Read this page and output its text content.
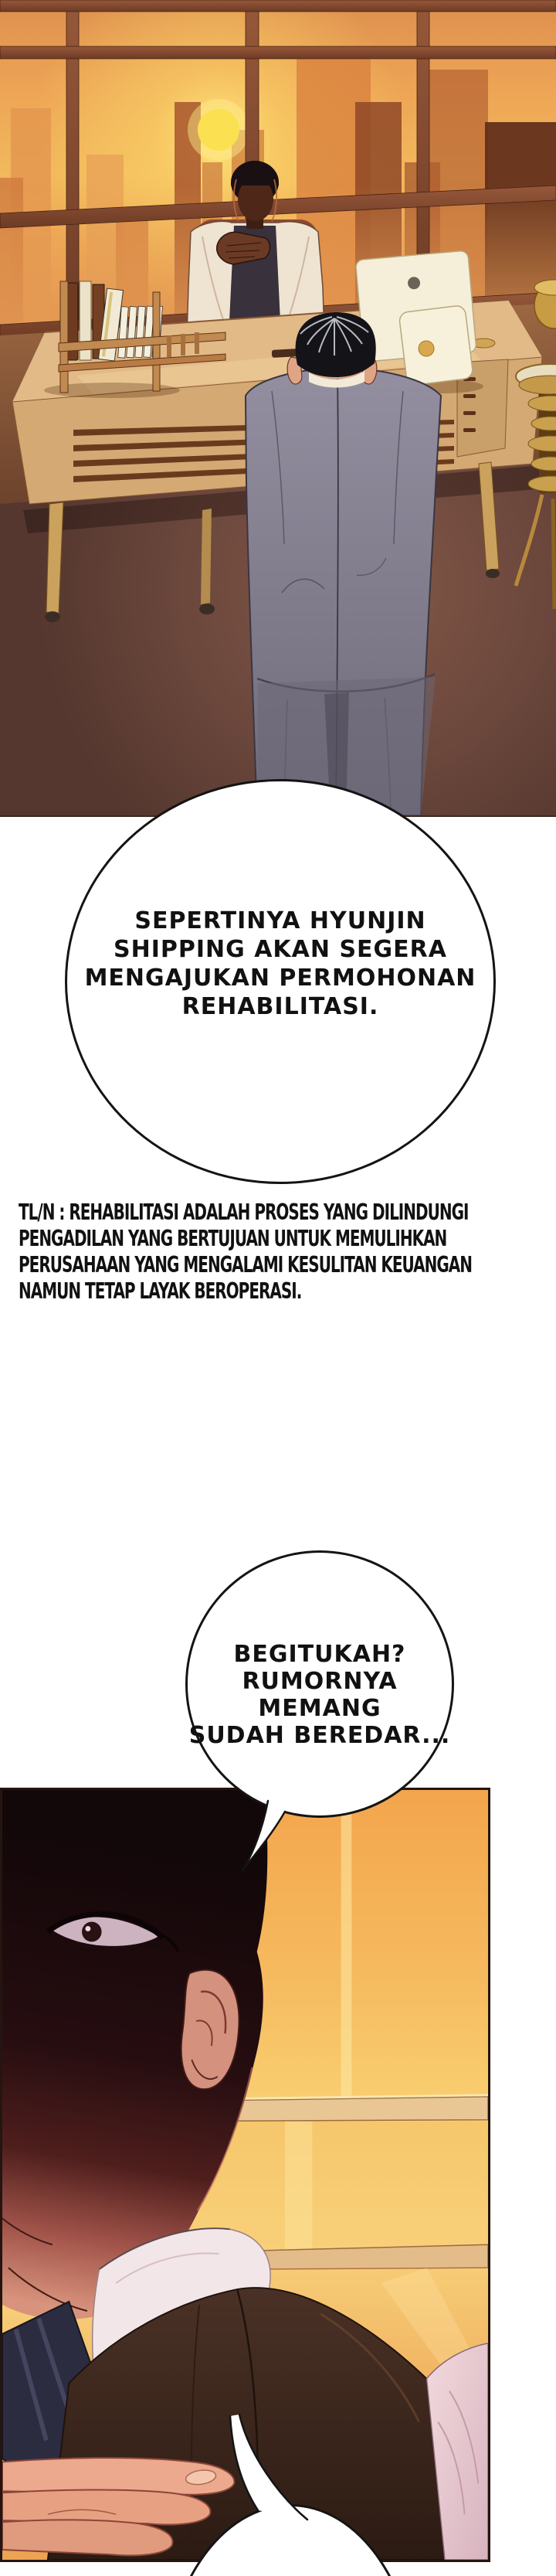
TL/N : REHABILITASI ADALAH PROSES YANG DILINDUNGI
PENGADILAN YANG BERTUJUAN UNTUK MEMULIHKAN
PERUSAHAAN YANG MENGALAMI KESULITAN KEUANGAN
NAMUN TETAP LAYAK BEROPERASI.
SEPERTINYA HYUNJIN
SHIPPING AKAN SEGERA
MENGAJUKAN PERMOHONAN
REHABILITASI.
BEGITUKAH?
RUMORNYA MEMANG
SUDAH BEREDAR...
